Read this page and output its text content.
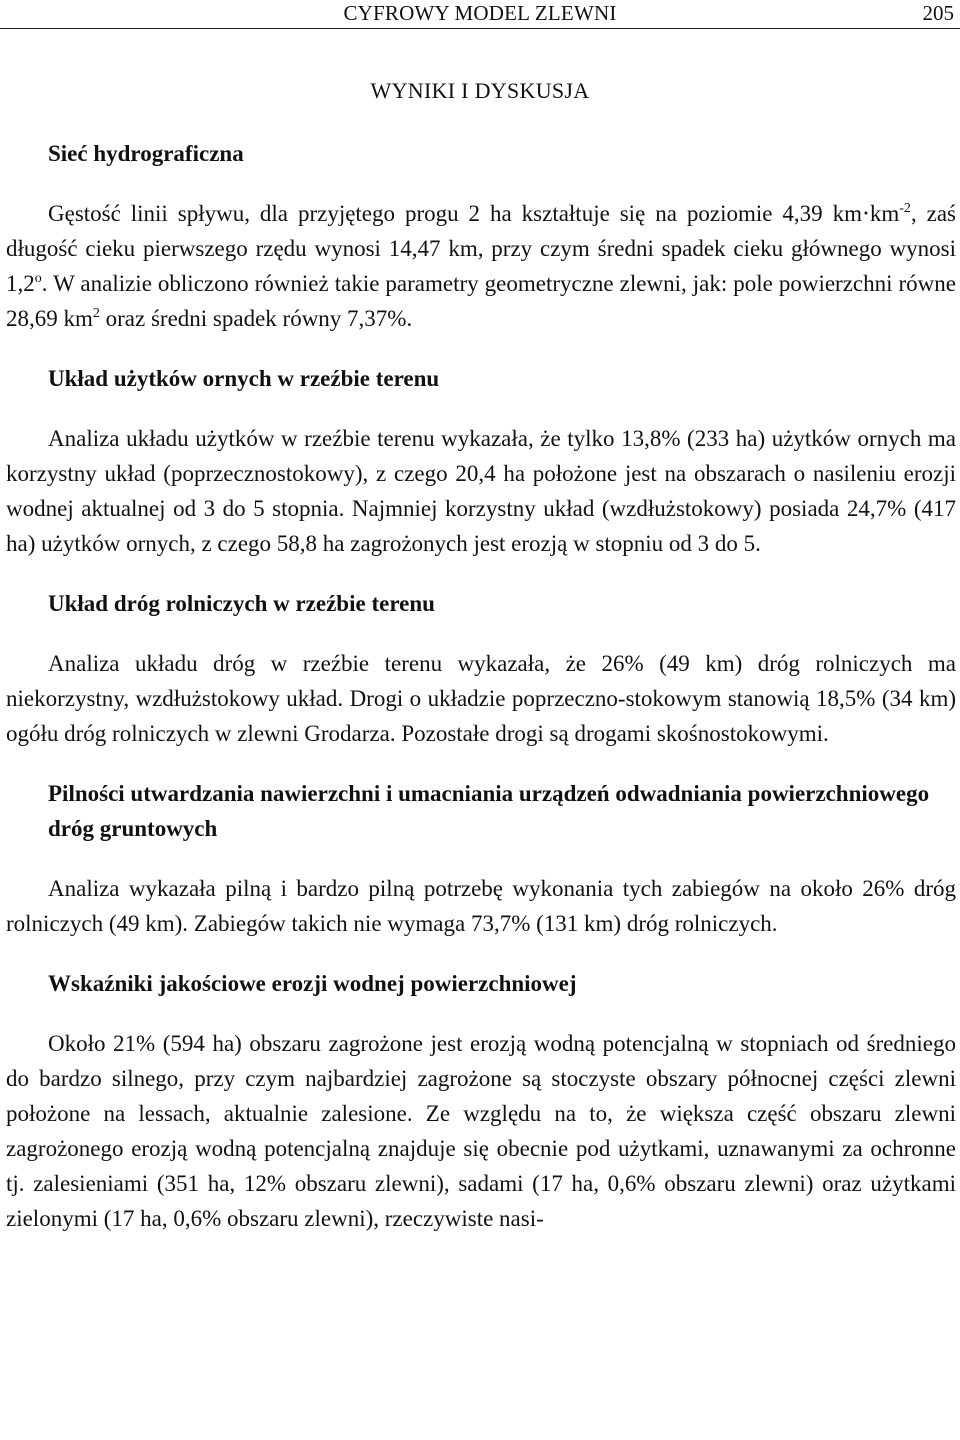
CYFROWY MODEL ZLEWNI	205
WYNIKI I DYSKUSJA
Sieć hydrograficzna

Gęstość linii spływu, dla przyjętego progu 2 ha kształtuje się na poziomie 4,39 $km\cdot km^{-2}$, zaś długość cieku pierwszego rzędu wynosi 14,47 km, przy czym średni spadek cieku głównego wynosi 1,2$^o$. W analizie obliczono również takie parametry geometryczne zlewni, jak: pole powierzchni równe 28,69 $km^2$ oraz średni spadek równy 7,37%.

Układ użytków ornych w rzeźbie terenu

Analiza układu użytków w rzeźbie terenu wykazała, że tylko 13,8% (233 ha) użytków ornych ma korzystny układ (poprzecznostokowy), z czego 20,4 ha położone jest na obszarach o nasileniu erozji wodnej aktualnej od 3 do 5 stopnia. Najmniej korzystny układ (wzdłużstokowy) posiada 24,7% (417 ha) użytków ornych, z czego 58,8 ha zagrożonych jest erozją w stopniu od 3 do 5.

Układ dróg rolniczych w rzeźbie terenu

Analiza układu dróg w rzeźbie terenu wykazała, że 26% (49 km) dróg rolniczych ma niekorzystny, wzdłużstokowy układ. Drogi o układzie poprzeczno-stokowym stanowią 18,5% (34 km) ogółu dróg rolniczych w zlewni Grodarza. Pozostałe drogi są drogami skośnostokowymi.

Pilności utwardzania nawierzchni i umacniania urządzeń odwadniania powierzchniowego dróg gruntowych

Analiza wykazała pilną i bardzo pilną potrzebę wykonania tych zabiegów na około 26% dróg rolniczych (49 km). Zabiegów takich nie wymaga 73,7% (131 km) dróg rolniczych.

Wskaźniki jakościowe erozji wodnej powierzchniowej

Około 21% (594 ha) obszaru zagrożone jest erozją wodną potencjalną w stopniach od średniego do bardzo silnego, przy czym najbardziej zagrożone są stoczyste obszary północnej części zlewni położone na lessach, aktualnie zalesione. Ze względu na to, że większa część obszaru zlewni zagrożonego erozją wodną potencjalną znajduje się obecnie pod użytkami, uznawanymi za ochronne tj. zalesieniami (351 ha, 12% obszaru zlewni), sadami (17 ha, 0,6% obszaru zlewni) oraz użytkami zielonymi (17 ha, 0,6% obszaru zlewni), rzeczywiste nasi-
